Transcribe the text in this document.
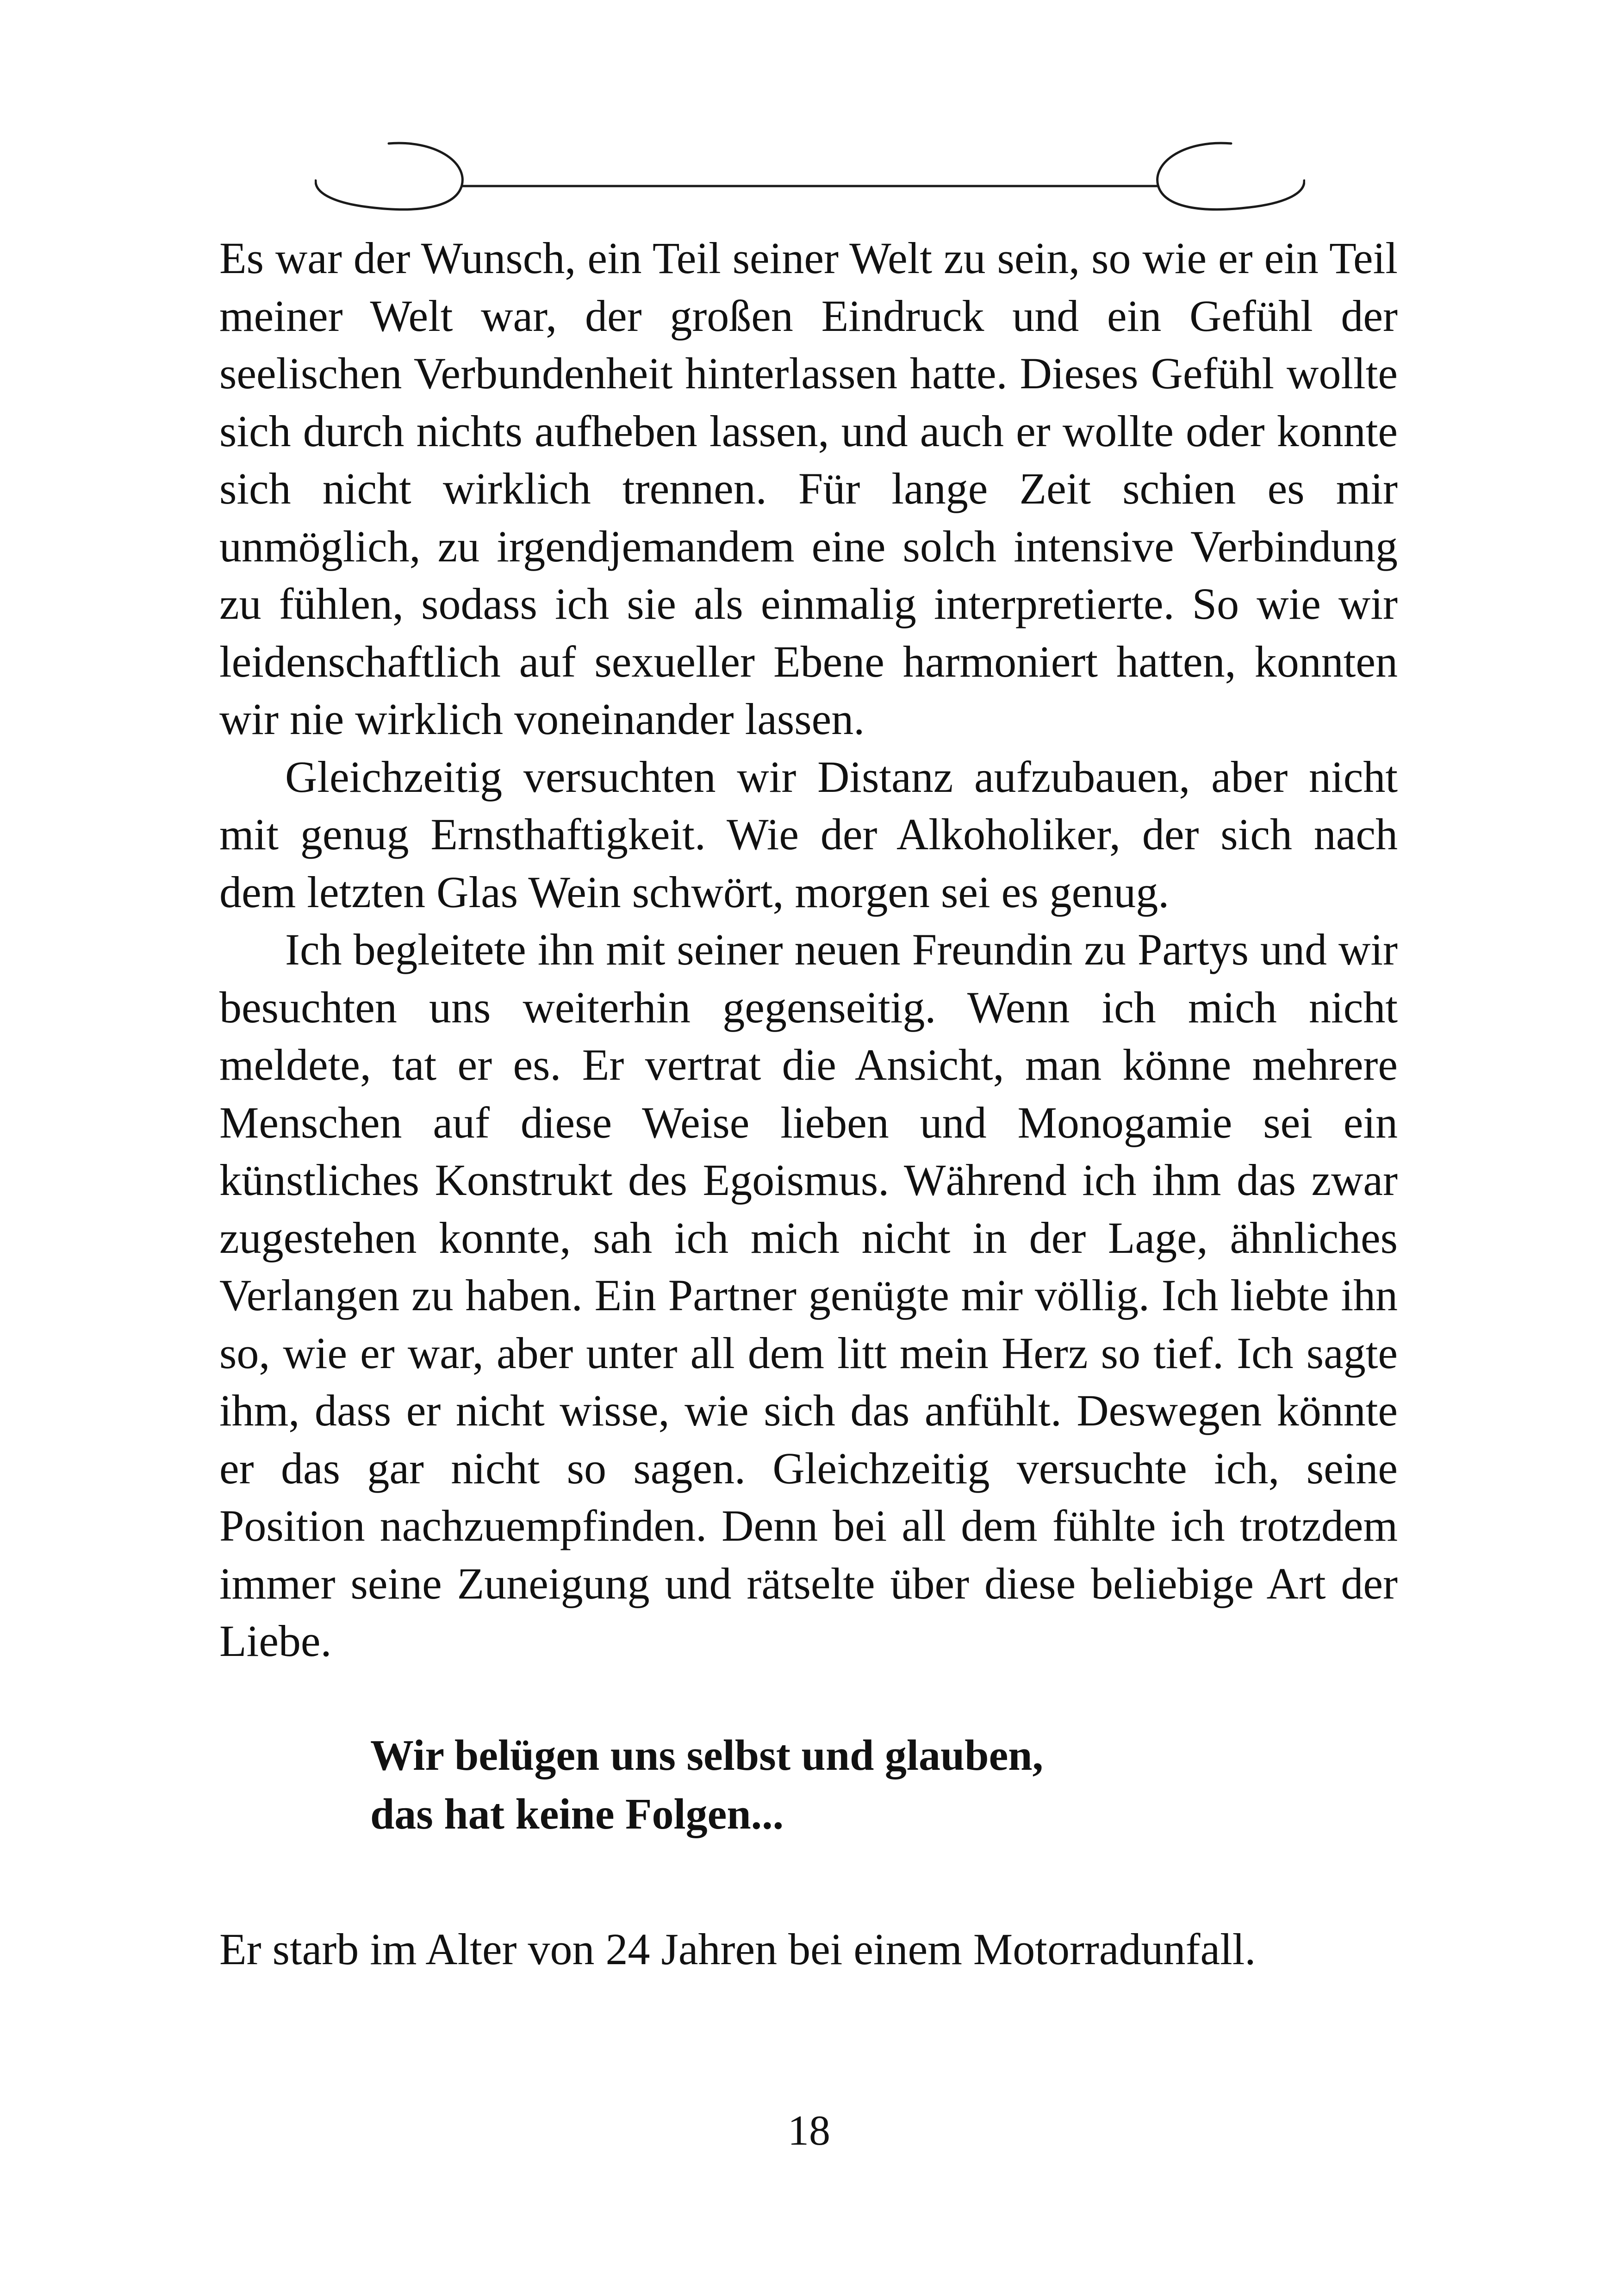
Es war der Wunsch, ein Teil seiner Welt zu sein, so wie er ein Teil meiner Welt war, der großen Eindruck und ein Gefühl der seelischen Verbundenheit hinterlassen hatte. Dieses Gefühl wollte sich durch nichts aufheben lassen, und auch er wollte oder konnte sich nicht wirklich trennen. Für lange Zeit schien es mir unmöglich, zu irgendjemandem eine solch intensive Verbindung zu fühlen, sodass ich sie als einmalig interpretierte. So wie wir leidenschaftlich auf sexueller Ebene harmoniert hatten, konnten wir nie wirklich voneinander lassen.

Gleichzeitig versuchten wir Distanz aufzubauen, aber nicht mit genug Ernsthaftigkeit. Wie der Alkoholiker, der sich nach dem letzten Glas Wein schwört, morgen sei es genug.

Ich begleitete ihn mit seiner neuen Freundin zu Partys und wir besuchten uns weiterhin gegenseitig. Wenn ich mich nicht meldete, tat er es. Er vertrat die Ansicht, man könne mehrere Menschen auf diese Weise lieben und Monogamie sei ein künstliches Konstrukt des Egoismus. Während ich ihm das zwar zugestehen konnte, sah ich mich nicht in der Lage, ähnliches Verlangen zu haben. Ein Partner genügte mir völlig. Ich liebte ihn so, wie er war, aber unter all dem litt mein Herz so tief. Ich sagte ihm, dass er nicht wisse, wie sich das anfühlt. Deswegen könnte er das gar nicht so sagen. Gleichzeitig versuchte ich, seine Position nachzuempfinden. Denn bei all dem fühlte ich trotzdem immer seine Zuneigung und rätselte über diese beliebige Art der Liebe.

Wir belügen uns selbst und glauben,
das hat keine Folgen...

Er starb im Alter von 24 Jahren bei einem Motorradunfall.

18
